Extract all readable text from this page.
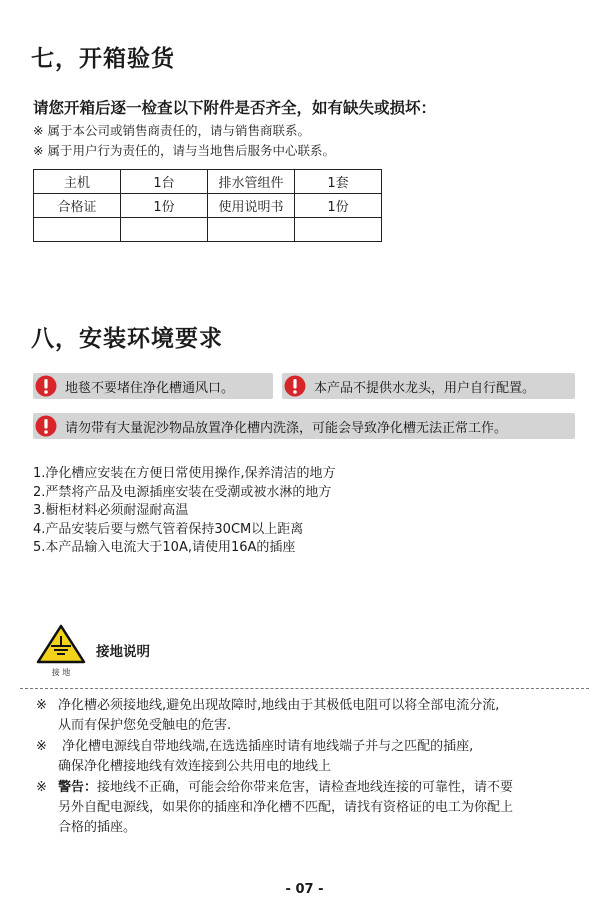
七，开箱验货
请您开箱后逐一检查以下附件是否齐全，如有缺失或损坏：
※ 属于本公司或销售商责任的，请与销售商联系。
※ 属于用户行为责任的，请与当地售后服务中心联系。
主机	1台	排水管组件	1套
合格证	1份	使用说明书	1份

八，安装环境要求
地毯不要堵住净化槽通风口。	本产品不提供水龙头，用户自行配置。
请勿带有大量泥沙物品放置净化槽内洗涤，可能会导致净化槽无法正常工作。
1.净化槽应安装在方便日常使用操作,保养清洁的地方
2.严禁将产品及电源插座安装在受潮或被水淋的地方
3.橱柜材料必须耐湿耐高温
4.产品安装后要与燃气管着保持30CM以上距离
5.本产品输入电流大于10A,请使用16A的插座
接 地
接地说明
※ 净化槽必须接地线,避免出现故障时,地线由于其极低电阻可以将全部电流分流,
从而有保护您免受触电的危害.
※	净化槽电源线自带地线端,在选选插座时请有地线端子并与之匹配的插座,
确保净化槽接地线有效连接到公共用电的地线上
※ 警告：接地线不正确，可能会给你带来危害，请检查地线连接的可靠性，请不要
另外自配电源线，如果你的插座和净化槽不匹配，请找有资格证的电工为你配上
合格的插座。
- 07 -
